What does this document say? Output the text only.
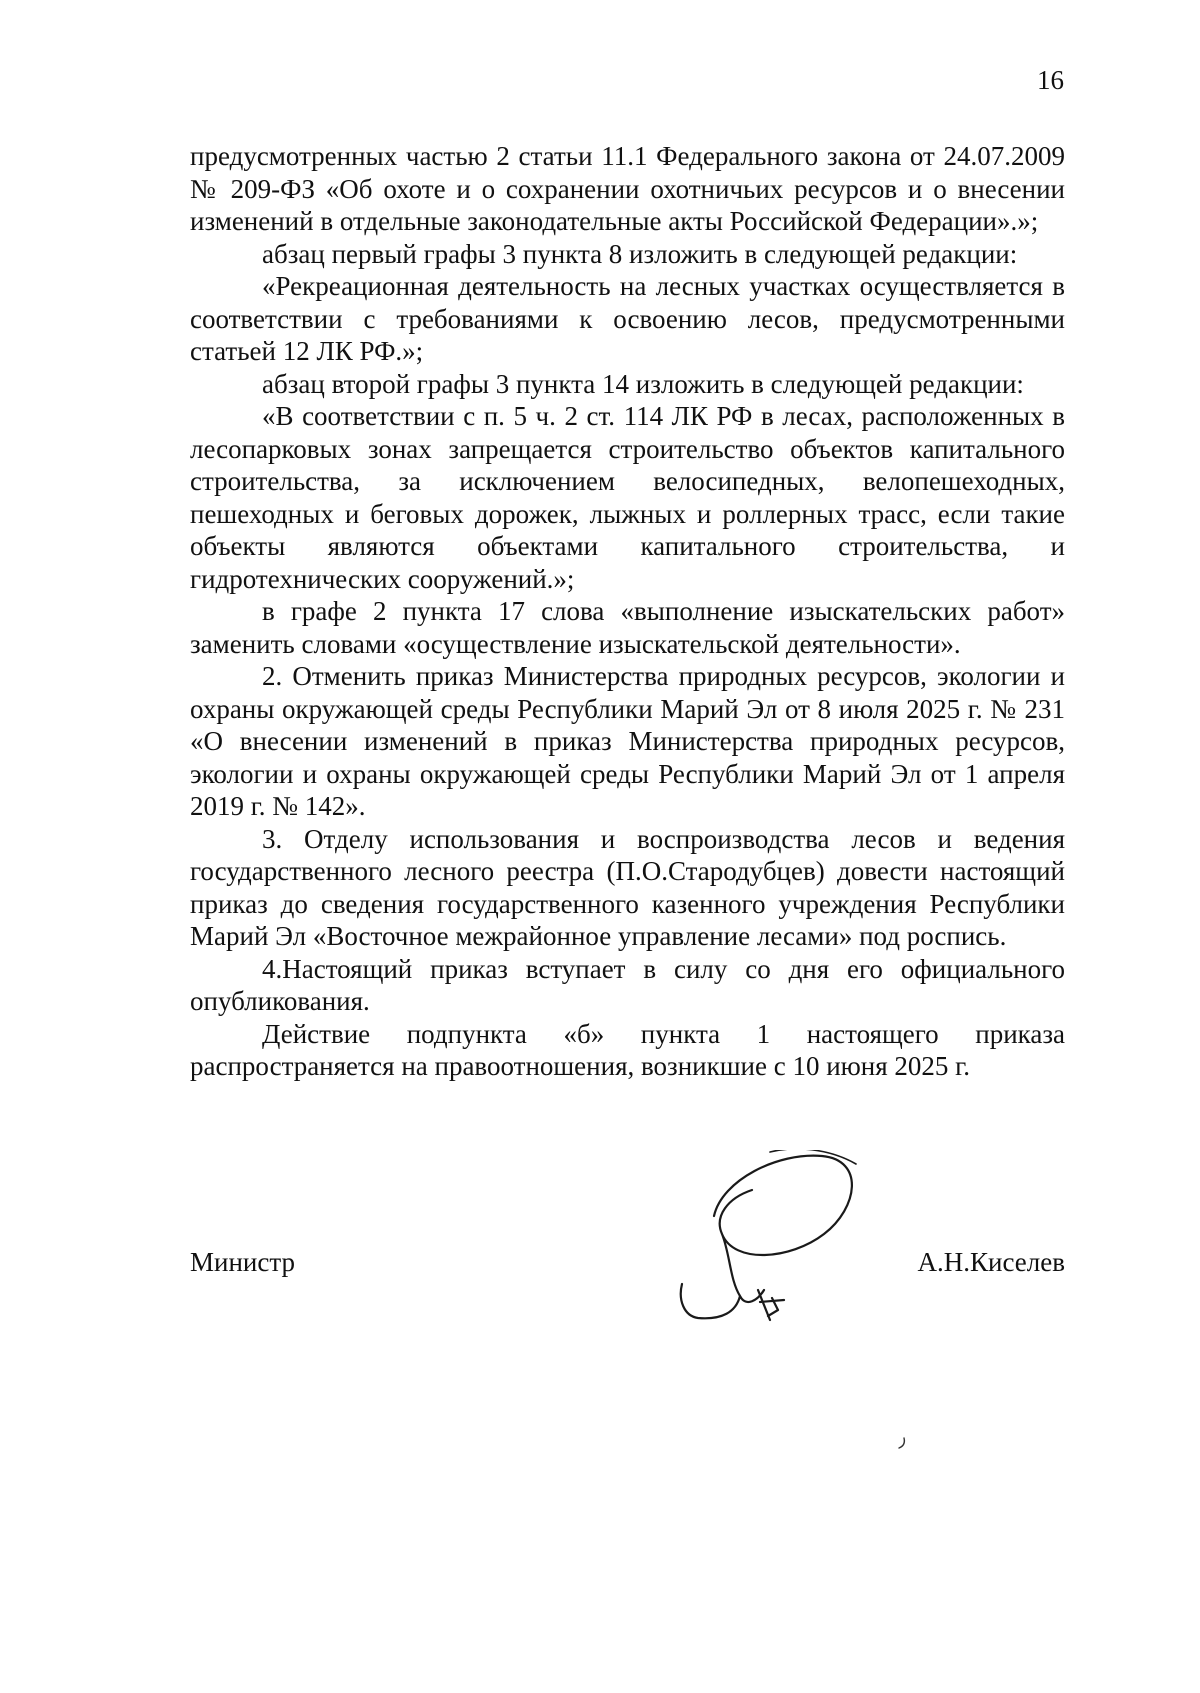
16

предусмотренных частью 2 статьи 11.1 Федерального закона от 24.07.2009 № 209-ФЗ «Об охоте и о сохранении охотничьих ресурсов и о внесении изменений в отдельные законодательные акты Российской Федерации».»;

абзац первый графы 3 пункта 8 изложить в следующей редакции:

«Рекреационная деятельность на лесных участках осуществляется в соответствии с требованиями к освоению лесов, предусмотренными статьей 12 ЛК РФ.»;

абзац второй графы 3 пункта 14 изложить в следующей редакции:

«В соответствии с п. 5 ч. 2 ст. 114 ЛК РФ в лесах, расположенных в лесопарковых зонах запрещается строительство объектов капитального строительства, за исключением велосипедных, велопешеходных, пешеходных и беговых дорожек, лыжных и роллерных трасс, если такие объекты являются объектами капитального строительства, и гидротехнических сооружений.»;

в графе 2 пункта 17 слова «выполнение изыскательских работ» заменить словами «осуществление изыскательской деятельности».

2. Отменить приказ Министерства природных ресурсов, экологии и охраны окружающей среды Республики Марий Эл от 8 июля 2025 г. № 231 «О внесении изменений в приказ Министерства природных ресурсов, экологии и охраны окружающей среды Республики Марий Эл от 1 апреля 2019 г. № 142».

3. Отделу использования и воспроизводства лесов и ведения государственного лесного реестра (П.О.Стародубцев) довести настоящий приказ до сведения государственного казенного учреждения Республики Марий Эл «Восточное межрайонное управление лесами» под роспись.

4.Настоящий приказ вступает в силу со дня его официального опубликования.

Действие подпункта «б» пункта 1 настоящего приказа распространяется на правоотношения, возникшие с 10 июня 2025 г.

Министр	А.Н.Киселев
